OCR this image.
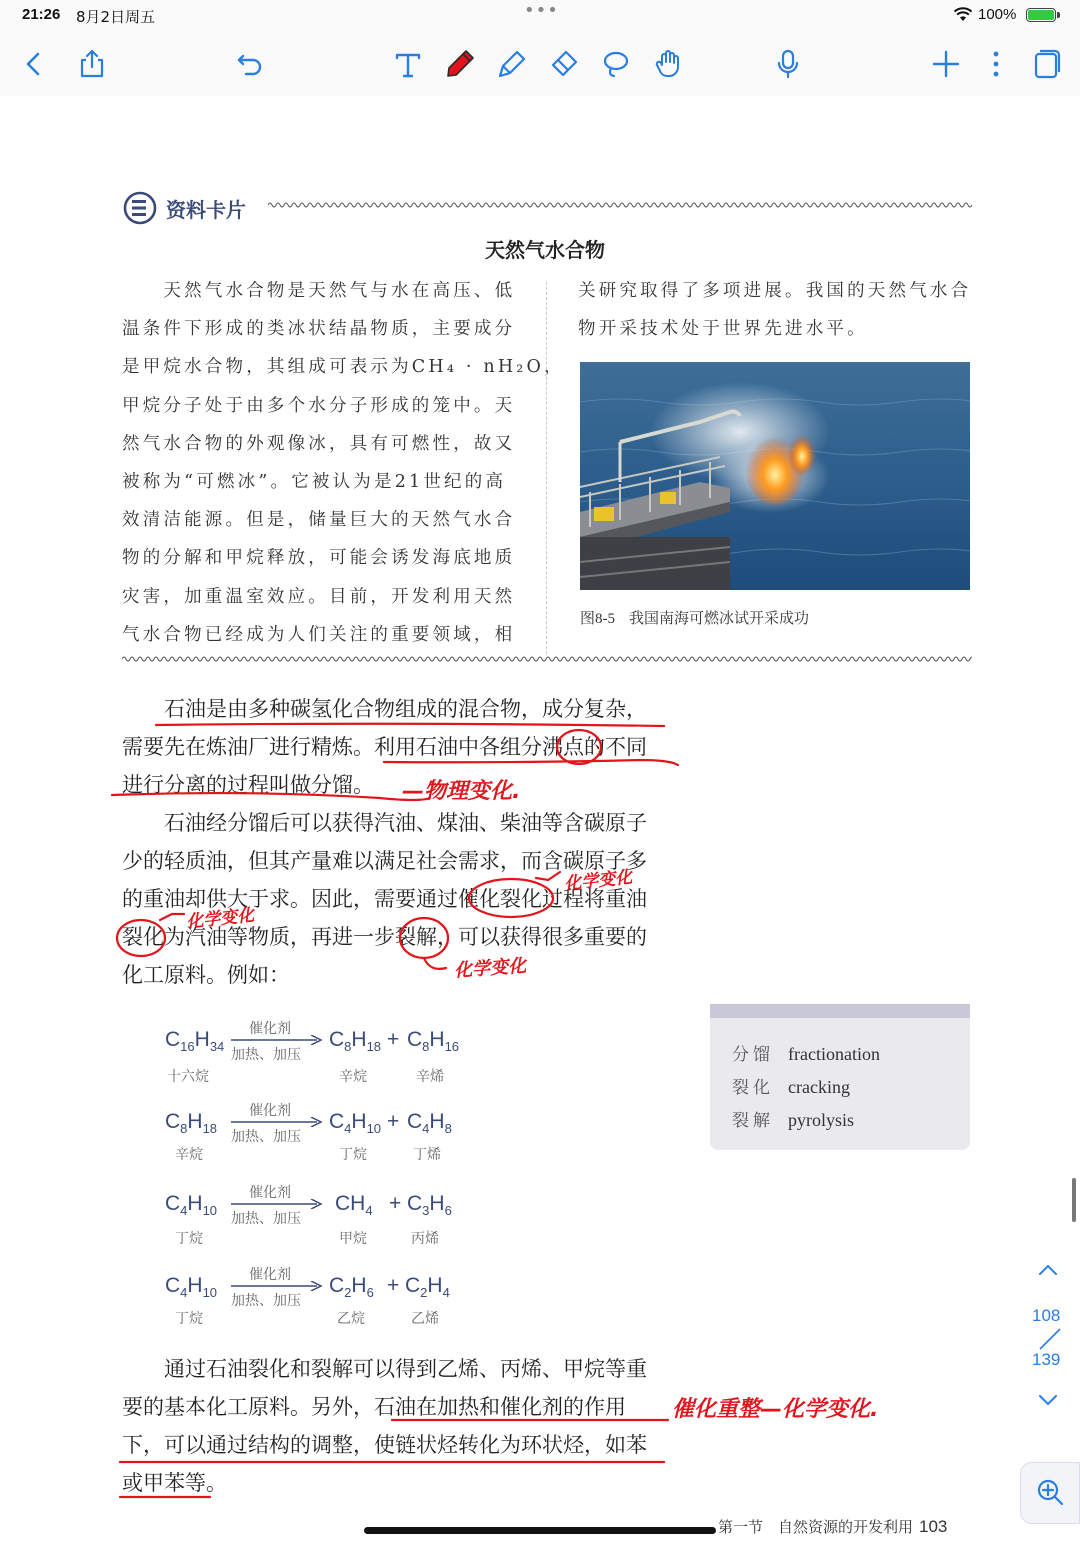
21:26 8月2日周五	•••	100%
资料卡片
天然气水合物
　　天然气水合物是天然气与水在高压、低
温条件下形成的类冰状结晶物质，主要成分
是甲烷水合物，其组成可表示为CH₄ · nH₂O，
甲烷分子处于由多个水分子形成的笼中。天
然气水合物的外观像冰，具有可燃性，故又
被称为“可燃冰”。它被认为是21世纪的高
效清洁能源。但是，储量巨大的天然气水合
物的分解和甲烷释放，可能会诱发海底地质
灾害，加重温室效应。目前，开发利用天然
气水合物已经成为人们关注的重要领域，相
关研究取得了多项进展。我国的天然气水合
物开采技术处于世界先进水平。
图8-5 我国南海可燃冰试开采成功
　　石油是由多种碳氢化合物组成的混合物，成分复杂，
需要先在炼油厂进行精炼。利用石油中各组分沸点的不同
进行分离的过程叫做分馏。
　　石油经分馏后可以获得汽油、煤油、柴油等含碳原子
少的轻质油，但其产量难以满足社会需求，而含碳原子多
的重油却供大于求。因此，需要通过催化裂化过程将重油
裂化为汽油等物质，再进一步裂解，可以获得很多重要的
化工原料。例如：
—物理变化.
化学变化
化学变化
化学变化
催化重整—化学变化.
$C_{16}H_{34}$
十六烷
催化剂
加热、加压
$C_8H_{18}$
辛烷
+ $C_8H_{16}$
辛烯
$C_8H_{18}$
辛烷
催化剂
加热、加压
$C_4H_{10}$
丁烷
+ $C_4H_8$
丁烯
$C_4H_{10}$
丁烷
催化剂
加热、加压
$CH_4$
甲烷
+ $C_3H_6$
丙烯
$C_4H_{10}$
丁烷
催化剂
加热、加压
$C_2H_6$
乙烷
+ $C_2H_4$
乙烯
分馏 fractionation
裂化 cracking
裂解 pyrolysis
　　通过石油裂化和裂解可以得到乙烯、丙烯、甲烷等重
要的基本化工原料。另外，石油在加热和催化剂的作用
下，可以通过结构的调整，使链状烃转化为环状烃，如苯
或甲苯等。
第一节　自然资源的开发利用 103
108
139
